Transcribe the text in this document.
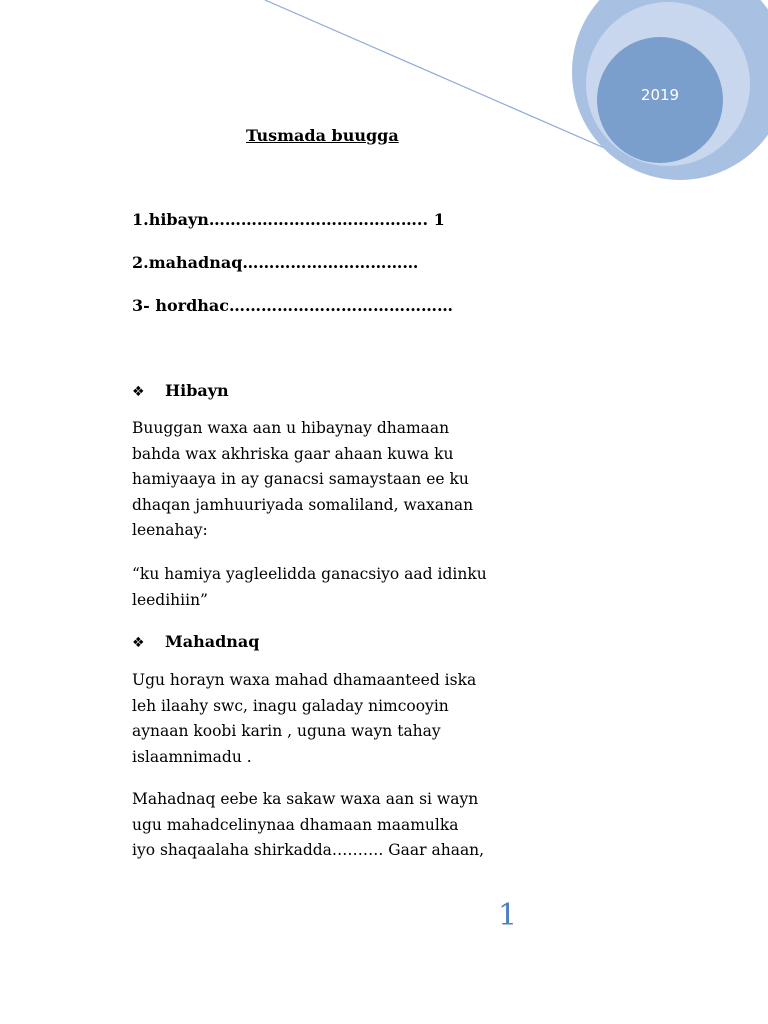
2019
Tusmada buugga
1.hibayn………………………………….. 1
2.mahadnaq……………………………
3- hordhac……………………………………
❖ Hibayn

Buuggan waxa aan u hibaynay dhamaan
bahda wax akhriska gaar ahaan kuwa ku
hamiyaaya in ay ganacsi samaystaan ee ku
dhaqan jamhuuriyada somaliland, waxanan
leenahay:

“ku hamiya yagleelidda ganacsiyo aad idinku
leedihiin”

❖ Mahadnaq

Ugu horayn waxa mahad dhamaanteed iska
leh ilaahy swc, inagu galaday nimcooyin
aynaan koobi karin , uguna wayn tahay
islaamnimadu .

Mahadnaq eebe ka sakaw waxa aan si wayn
ugu mahadcelinynaa dhamaan maamulka
iyo shaqaalaha shirkadda………. Gaar ahaan,

1
